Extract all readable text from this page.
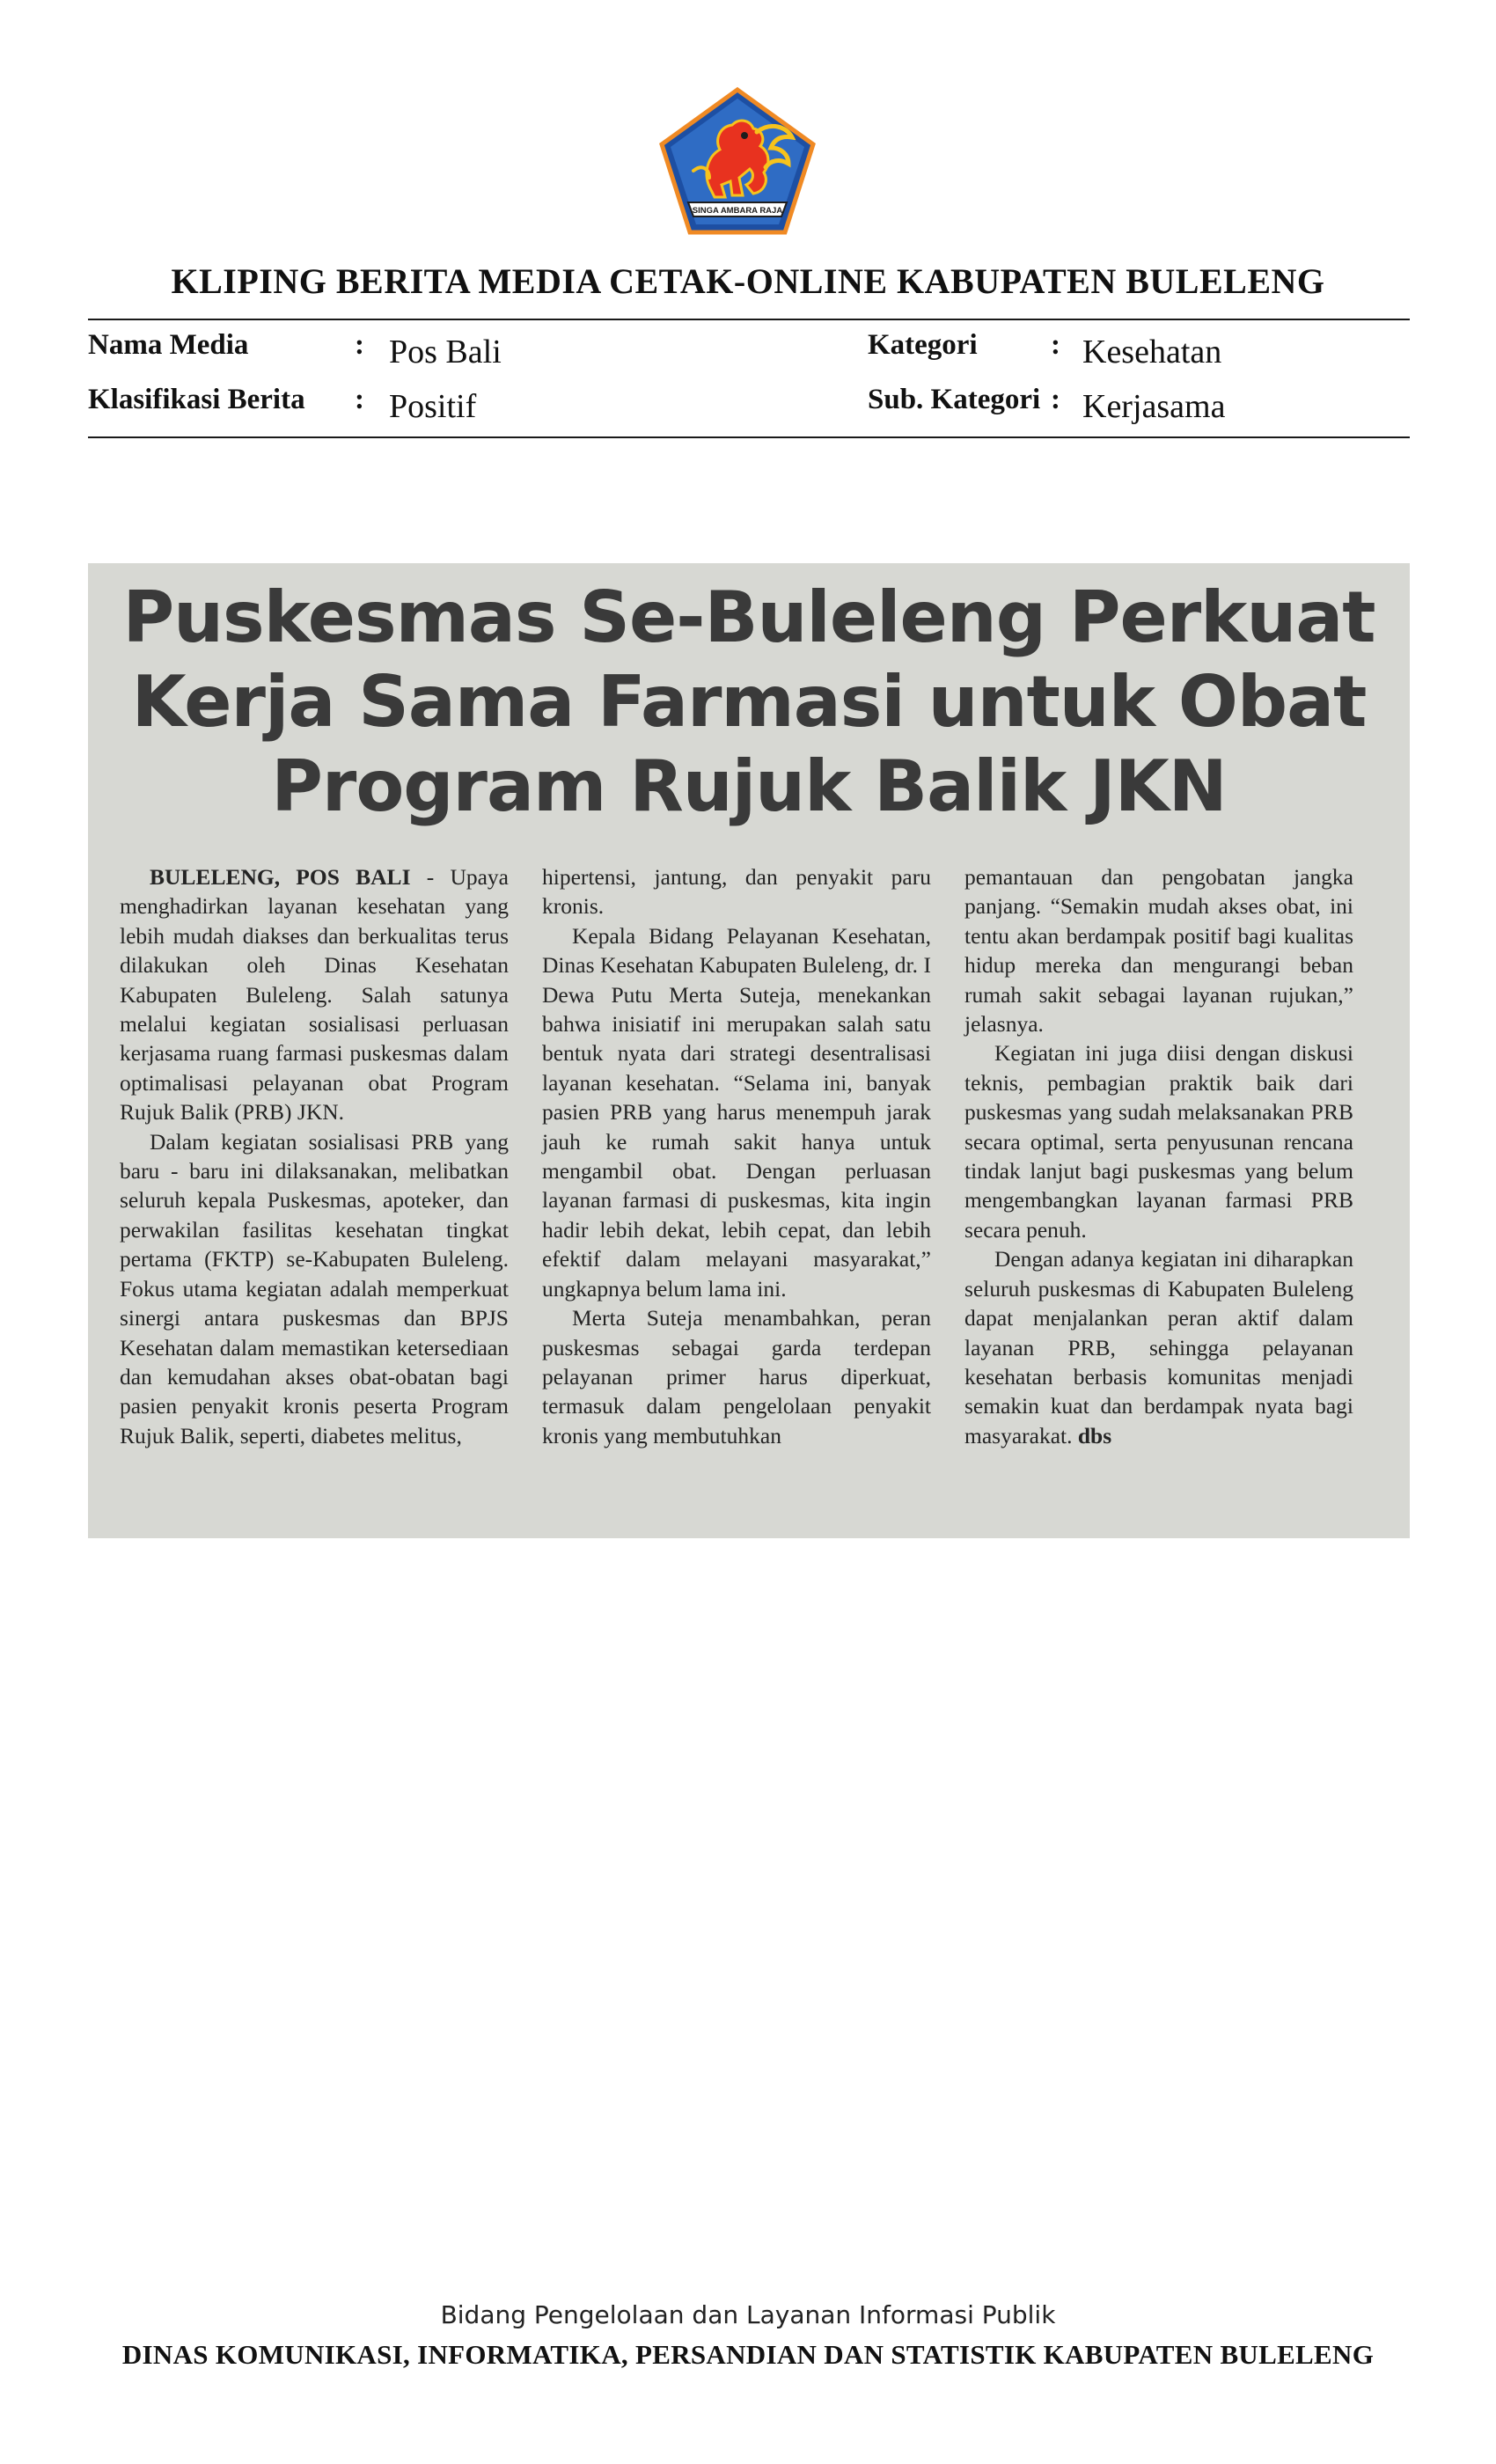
SINGA AMBARA RAJA
KLIPING BERITA MEDIA CETAK-ONLINE KABUPATEN BULELENG
Nama Media	: Pos Bali
Klasifikasi Berita : Positif
Kategori	: Kesehatan
Sub. Kategori : Kerjasama
Puskesmas Se-Buleleng Perkuat
Kerja Sama Farmasi untuk Obat
Program Rujuk Balik JKN

BULELENG, POS BALI - Upaya menghadirkan layanan kesehatan yang lebih mudah diakses dan berkualitas terus dilakukan oleh Dinas Kesehatan Kabupaten Buleleng. Salah satunya melalui kegiatan sosialisasi perluasan kerjasama ruang farmasi puskesmas dalam optimalisasi pelayanan obat Program Rujuk Balik (PRB) JKN.

Dalam kegiatan sosialisasi PRB yang baru - baru ini dilaksanakan, melibatkan seluruh kepala Puskesmas, apoteker, dan perwakilan fasilitas kesehatan tingkat pertama (FKTP) se-Kabupaten Buleleng. Fokus utama kegiatan adalah memperkuat sinergi antara puskesmas dan BPJS Kesehatan dalam memastikan ketersediaan dan kemudahan akses obat-obatan bagi pasien penyakit kronis peserta Program Rujuk Balik, seperti, diabetes melitus,

hipertensi, jantung, dan penyakit paru kronis.

Kepala Bidang Pelayanan Kesehatan, Dinas Kesehatan Kabupaten Buleleng, dr. I Dewa Putu Merta Suteja, menekankan bahwa inisiatif ini merupakan salah satu bentuk nyata dari strategi desentralisasi layanan kesehatan. “Selama ini, banyak pasien PRB yang harus menempuh jarak jauh ke rumah sakit hanya untuk mengambil obat. Dengan perluasan layanan farmasi di puskesmas, kita ingin hadir lebih dekat, lebih cepat, dan lebih efektif dalam melayani masyarakat,” ungkapnya belum lama ini.

Merta Suteja menambahkan, peran puskesmas sebagai garda terdepan pelayanan primer harus diperkuat, termasuk dalam pengelolaan penyakit kronis yang membutuhkan

pemantauan dan pengobatan jangka panjang. “Semakin mudah akses obat, ini tentu akan berdampak positif bagi kualitas hidup mereka dan mengurangi beban rumah sakit sebagai layanan rujukan,” jelasnya.

Kegiatan ini juga diisi dengan diskusi teknis, pembagian praktik baik dari puskesmas yang sudah melaksanakan PRB secara optimal, serta penyusunan rencana tindak lanjut bagi puskesmas yang belum mengembangkan layanan farmasi PRB secara penuh.

Dengan adanya kegiatan ini diharapkan seluruh puskesmas di Kabupaten Buleleng dapat menjalankan peran aktif dalam layanan PRB, sehingga pelayanan kesehatan berbasis komunitas menjadi semakin kuat dan berdampak nyata bagi masyarakat. dbs

Bidang Pengelolaan dan Layanan Informasi Publik
DINAS KOMUNIKASI, INFORMATIKA, PERSANDIAN DAN STATISTIK KABUPATEN BULELENG
